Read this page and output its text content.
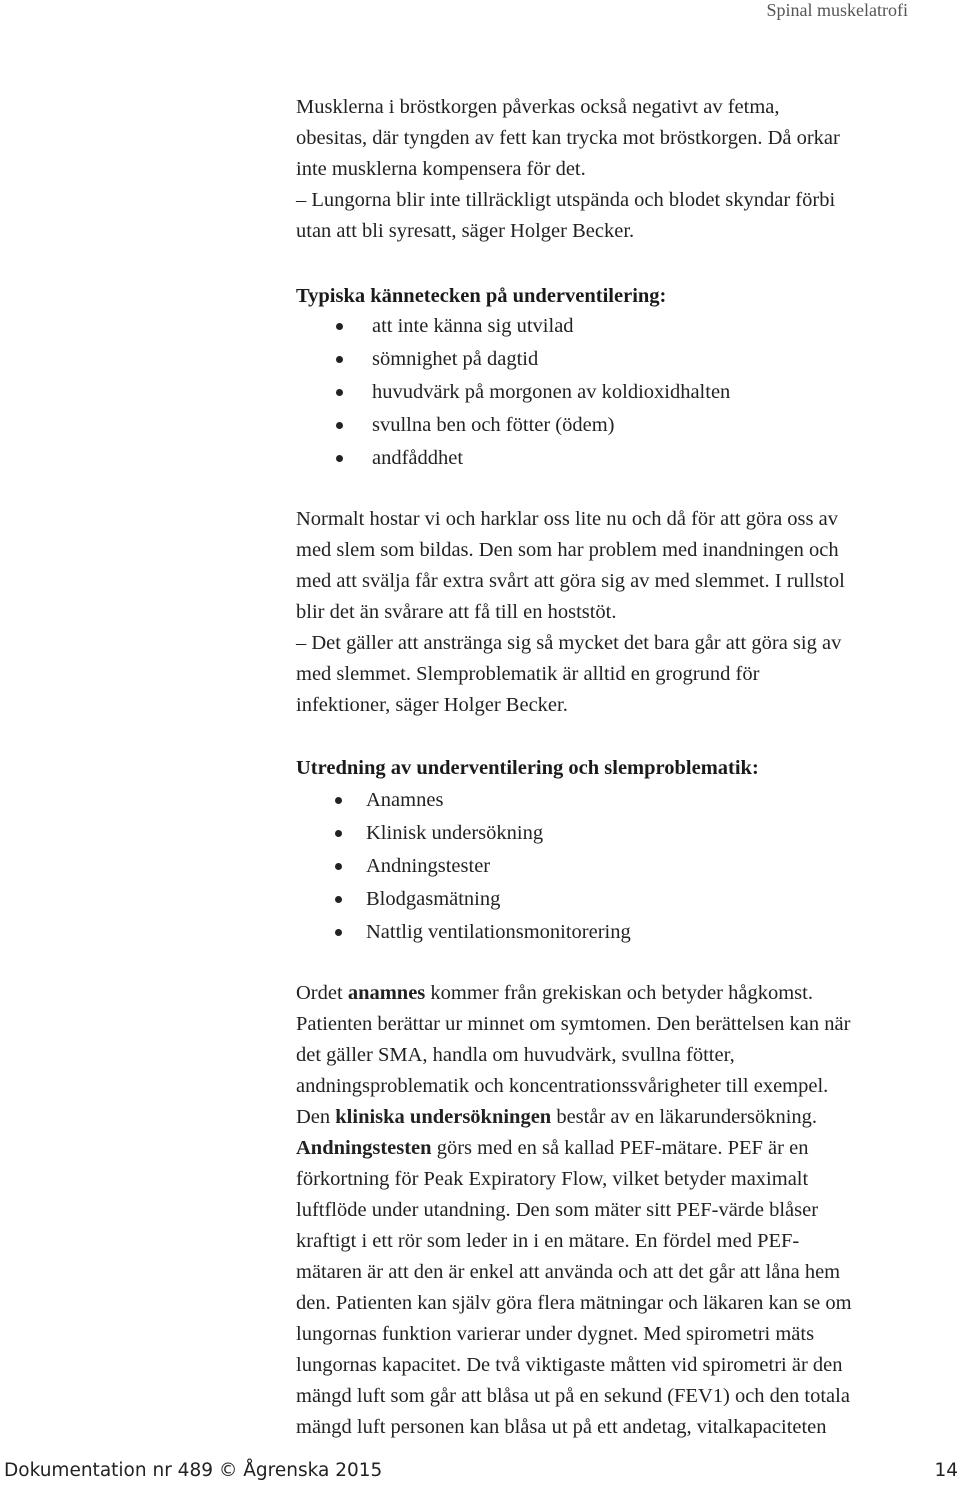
Spinal muskelatrofi

Musklerna i bröstkorgen påverkas också negativt av fetma,

obesitas, där tyngden av fett kan trycka mot bröstkorgen. Då orkar

inte musklerna kompensera för det.

– Lungorna blir inte tillräckligt utspända och blodet skyndar förbi

utan att bli syresatt, säger Holger Becker.

Typiska kännetecken på underventilering:
att inte känna sig utvilad
sömnighet på dagtid
huvudvärk på morgonen av koldioxidhalten
svullna ben och fötter (ödem)
andfåddhet

Normalt hostar vi och harklar oss lite nu och då för att göra oss av

med slem som bildas. Den som har problem med inandningen och

med att svälja får extra svårt att göra sig av med slemmet. I rullstol

blir det än svårare att få till en hoststöt.

– Det gäller att anstränga sig så mycket det bara går att göra sig av

med slemmet. Slemproblematik är alltid en grogrund för

infektioner, säger Holger Becker.

Utredning av underventilering och slemproblematik:
Anamnes
Klinisk undersökning
Andningstester
Blodgasmätning
Nattlig ventilationsmonitorering

Ordet anamnes kommer från grekiskan och betyder hågkomst.

Patienten berättar ur minnet om symtomen. Den berättelsen kan när

det gäller SMA, handla om huvudvärk, svullna fötter,

andningsproblematik och koncentrationssvårigheter till exempel.

Den kliniska undersökningen består av en läkarundersökning.

Andningstesten görs med en så kallad PEF-mätare. PEF är en

förkortning för Peak Expiratory Flow, vilket betyder maximalt

luftflöde under utandning. Den som mäter sitt PEF-värde blåser

kraftigt i ett rör som leder in i en mätare. En fördel med PEF-

mätaren är att den är enkel att använda och att det går att låna hem

den. Patienten kan själv göra flera mätningar och läkaren kan se om

lungornas funktion varierar under dygnet. Med spirometri mäts

lungornas kapacitet. De två viktigaste måtten vid spirometri är den

mängd luft som går att blåsa ut på en sekund (FEV1) och den totala

mängd luft personen kan blåsa ut på ett andetag, vitalkapaciteten

Dokumentation nr 489 © Ågrenska 2015	14
